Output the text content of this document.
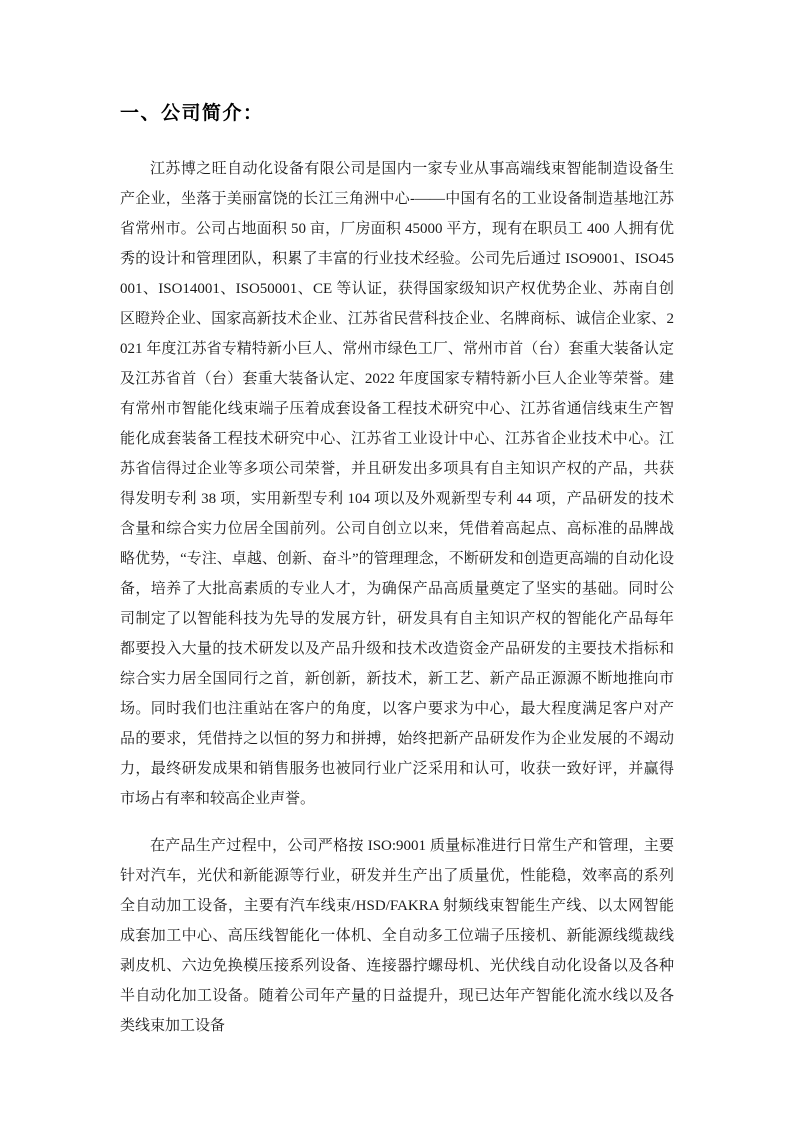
一、公司简介：

江苏博之旺自动化设备有限公司是国内一家专业从事高端线束智能制造设备生产企业，坐落于美丽富饶的长江三角洲中心-——中国有名的工业设备制造基地江苏省常州市。公司占地面积 50 亩，厂房面积 45000 平方，现有在职员工 400 人拥有优秀的设计和管理团队，积累了丰富的行业技术经验。公司先后通过 ISO9001、ISO45001、ISO14001、ISO50001、CE 等认证，获得国家级知识产权优势企业、苏南自创区瞪羚企业、国家高新技术企业、江苏省民营科技企业、名牌商标、诚信企业家、2021 年度江苏省专精特新小巨人、常州市绿色工厂、常州市首（台）套重大装备认定及江苏省首（台）套重大装备认定、2022 年度国家专精特新小巨人企业等荣誉。建有常州市智能化线束端子压着成套设备工程技术研究中心、江苏省通信线束生产智能化成套装备工程技术研究中心、江苏省工业设计中心、江苏省企业技术中心。江苏省信得过企业等多项公司荣誉，并且研发出多项具有自主知识产权的产品，共获得发明专利 38 项，实用新型专利 104 项以及外观新型专利 44 项，产品研发的技术含量和综合实力位居全国前列。公司自创立以来，凭借着高起点、高标准的品牌战略优势，“专注、卓越、创新、奋斗”的管理理念，不断研发和创造更高端的自动化设备，培养了大批高素质的专业人才，为确保产品高质量奠定了坚实的基础。同时公司制定了以智能科技为先导的发展方针，研发具有自主知识产权的智能化产品每年都要投入大量的技术研发以及产品升级和技术改造资金产品研发的主要技术指标和综合实力居全国同行之首，新创新，新技术，新工艺、新产品正源源不断地推向市场。同时我们也注重站在客户的角度，以客户要求为中心，最大程度满足客户对产品的要求，凭借持之以恒的努力和拼搏，始终把新产品研发作为企业发展的不竭动力，最终研发成果和销售服务也被同行业广泛采用和认可，收获一致好评，并赢得市场占有率和较高企业声誉。

在产品生产过程中，公司严格按 ISO:9001 质量标准进行日常生产和管理，主要针对汽车，光伏和新能源等行业，研发并生产出了质量优，性能稳，效率高的系列全自动加工设备，主要有汽车线束/HSD/FAKRA 射频线束智能生产线、以太网智能成套加工中心、高压线智能化一体机、全自动多工位端子压接机、新能源线缆裁线剥皮机、六边免换模压接系列设备、连接器拧螺母机、光伏线自动化设备以及各种半自动化加工设备。随着公司年产量的日益提升，现已达年产智能化流水线以及各类线束加工设备
